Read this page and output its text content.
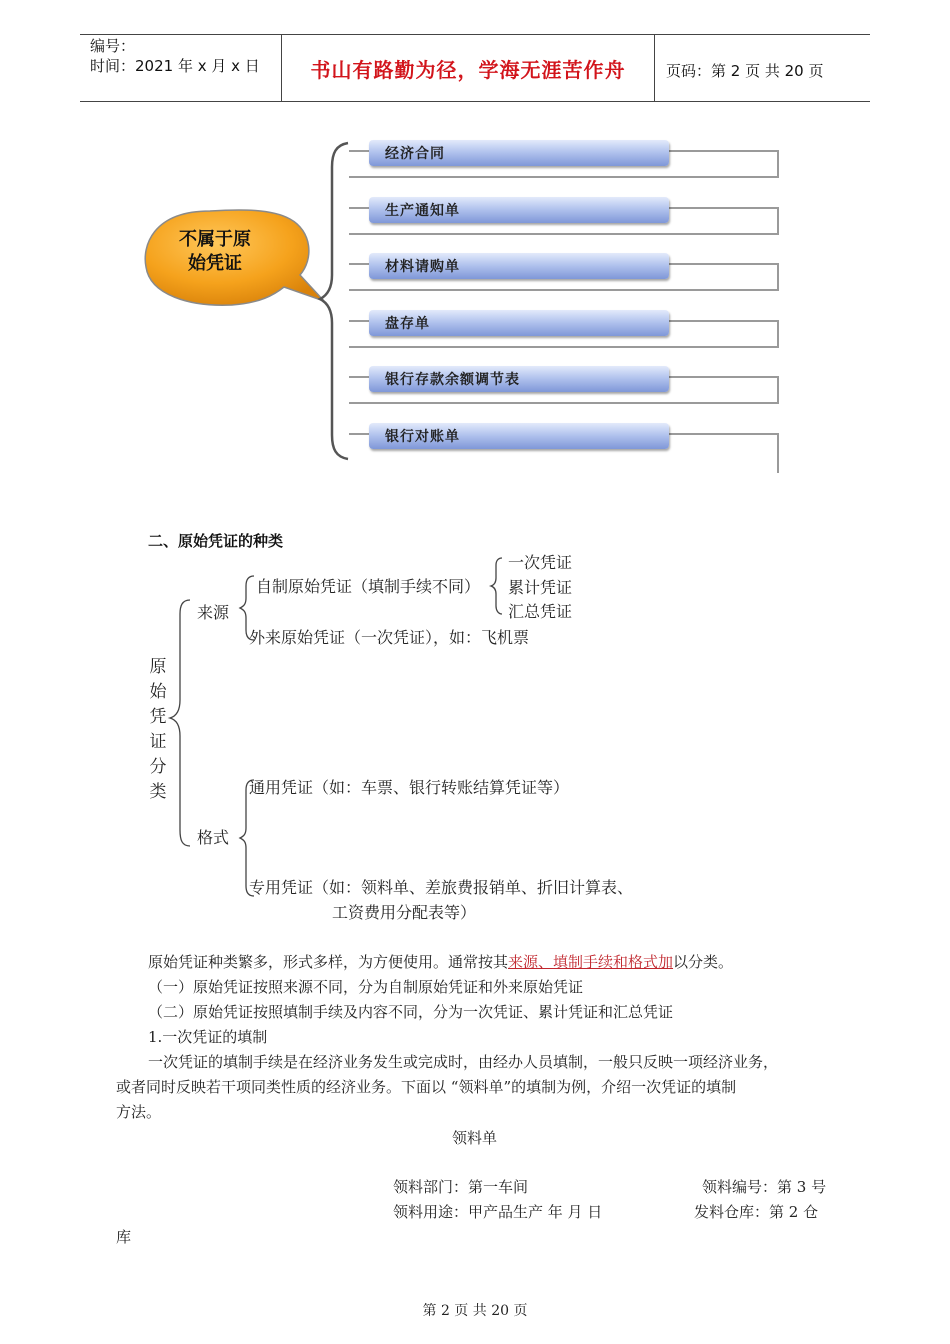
编号：
时间：2021 年 x 月 x 日	书山有路勤为径，学海无涯苦作舟	页码：第 2 页 共 20 页
不属于原
始凭证
经济合同
生产通知单
材料请购单
盘存单
银行存款余额调节表
银行对账单
二、原始凭证的种类
原
始
凭
证
分
类
来源
自制原始凭证（填制手续不同）
一次凭证
累计凭证
汇总凭证
外来原始凭证（一次凭证），如：飞机票
格式
通用凭证（如：车票、银行转账结算凭证等）
专用凭证（如：领料单、差旅费报销单、折旧计算表、
工资费用分配表等）
原始凭证种类繁多，形式多样，为方便使用。通常按其来源、填制手续和格式加以分类。
（一）原始凭证按照来源不同，分为自制原始凭证和外来原始凭证
（二）原始凭证按照填制手续及内容不同，分为一次凭证、累计凭证和汇总凭证
1.一次凭证的填制
一次凭证的填制手续是在经济业务发生或完成时，由经办人员填制，一般只反映一项经济业务，
或者同时反映若干项同类性质的经济业务。下面以 “领料单”的填制为例，介绍一次凭证的填制
方法。
领料单
领料部门：第一车间	领料编号：第 3 号
领料用途：甲产品生产 年 月 日	发料仓库：第 2 仓
库
第 2 页 共 20 页
